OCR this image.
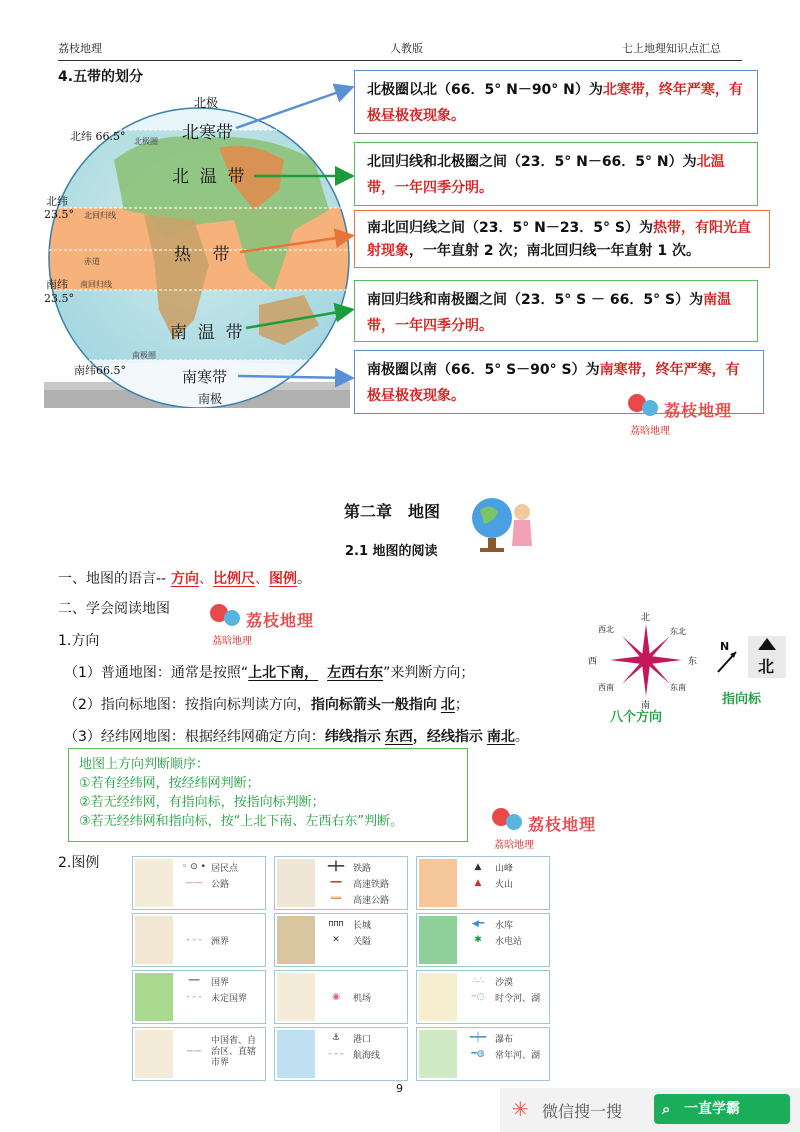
荔枝地理	人教版	七上地理知识点汇总
4.五带的划分
北极
南极
北纬 66.5°
北纬
23.5°
南纬
23.5°
南纬66.5°
北寒带
北  温  带
热    带
南  温  带
南寒带
北极圈
北回归线
赤道
南回归线
南极圈
北极圈以北（66．5° N－90° N）为北寒带，终年严寒，有极昼极夜现象。
北回归线和北极圈之间（23．5° N－66．5° N）为北温带，一年四季分明。
南北回归线之间（23．5° N－23．5° S）为热带，有阳光直射现象，一年直射 2 次；南北回归线一年直射 1 次。
南回归线和南极圈之间（23．5° S － 66．5° S）为南温带，一年四季分明。
南极圈以南（66．5° S－90° S）为南寒带，终年严寒，有极昼极夜现象。
荔枝地理
荔晗地理
第二章　地图
2.1 地图的阅读
一、地图的语言-- 方向、比例尺、图例。
二、学会阅读地图
荔枝地理
荔晗地理
1.方向
（1）普通地图：通常是按照“上北下南， 左西右东”来判断方向；
（2）指向标地图：按指向标判读方向，指向标箭头一般指向 北；
（3）经纬网地图：根据经纬网确定方向：纬线指示 东西，经线指示 南北。
北
南
东
西
东北
西北
东南
西南
八个方向
N
北
指向标
地图上方向判断顺序：
①若有经纬网，按经纬网判断；
②若无经纬网，有指向标，按指向标判断；
③若无经纬网和指向标，按“上北下南、左西右东”判断。	荔枝地理
荔晗地理
2.图例	◦ ⊙ • 居民点
—— 公路
━╋━ 铁路
━━	高速铁路
══	高速公路
▲	山峰
▲	火山
- - -	洲界
ᴨᴨᴨ	长城
✕	关隘
◀━	水库
✱	水电站
━━	国界
- - -	未定国界	◉	机场
∴∴	沙漠
┄◌	时令河、湖
─·─
中国省、自治区、直辖市界
⚓	港口
- - -	航海线
━┿━ 瀑布
━◍	常年河、湖
9
✳ 微信搜一搜	⌕ 一直学霸
